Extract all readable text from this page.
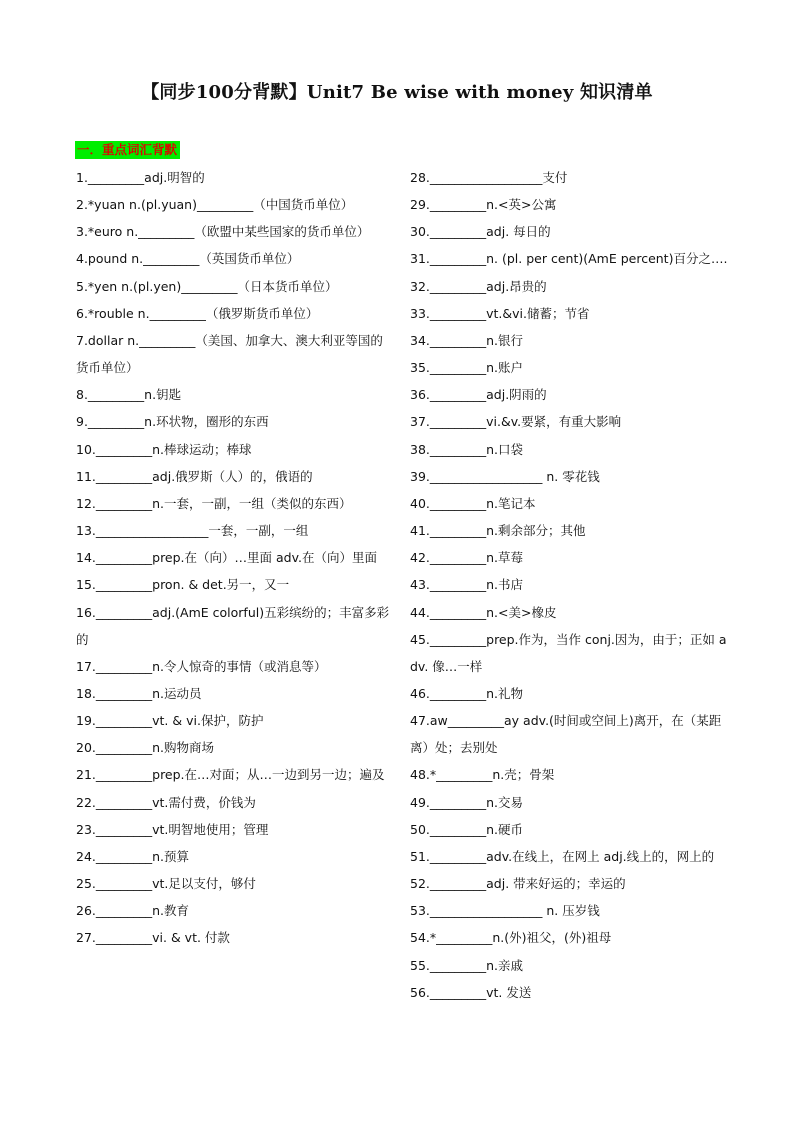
【同步100分背默】Unit7 Be wise with money 知识清单
一．重点词汇背默
1._________adj.明智的
2.*yuan n.(pl.yuan)_________（中国货币单位）
3.*euro n._________（欧盟中某些国家的货币单位）
4.pound n._________（英国货币单位）
5.*yen n.(pl.yen)_________（日本货币单位）
6.*rouble n._________（俄罗斯货币单位）
7.dollar n._________（美国、加拿大、澳大利亚等国的货币单位）
8._________n.钥匙
9._________n.环状物，圈形的东西
10._________n.棒球运动；棒球
11._________adj.俄罗斯（人）的，俄语的
12._________n.一套，一副，一组（类似的东西）
13.__________________一套，一副，一组
14._________prep.在（向）…里面 adv.在（向）里面
15._________pron. & det.另一，又一
16._________adj.(AmE colorful)五彩缤纷的；丰富多彩的
17._________n.令人惊奇的事情（或消息等）
18._________n.运动员
19._________vt. & vi.保护，防护
20._________n.购物商场
21._________prep.在…对面；从…一边到另一边；遍及
22._________vt.需付费，价钱为
23._________vt.明智地使用；管理
24._________n.预算
25._________vt.足以支付，够付
26._________n.教育
27._________vi. & vt. 付款
28.__________________支付
29._________n.<英>公寓
30._________adj. 每日的
31._________n. (pl. per cent)(AmE percent)百分之….
32._________adj.昂贵的
33._________vt.&vi.储蓄；节省
34._________n.银行
35._________n.账户
36._________adj.阴雨的
37._________vi.&v.要紧，有重大影响
38._________n.口袋
39.__________________ n. 零花钱
40._________n.笔记本
41._________n.剩余部分；其他
42._________n.草莓
43._________n.书店
44._________n.<美>橡皮
45._________prep.作为，当作 conj.因为，由于；正如 adv. 像…一样
46._________n.礼物
47.aw_________ay adv.(时间或空间上)离开，在（某距离）处；去别处
48.*_________n.壳；骨架
49._________n.交易
50._________n.硬币
51._________adv.在线上，在网上 adj.线上的，网上的
52._________adj. 带来好运的；幸运的
53.__________________ n. 压岁钱
54.*_________n.(外)祖父，(外)祖母
55._________n.亲戚
56._________vt. 发送
